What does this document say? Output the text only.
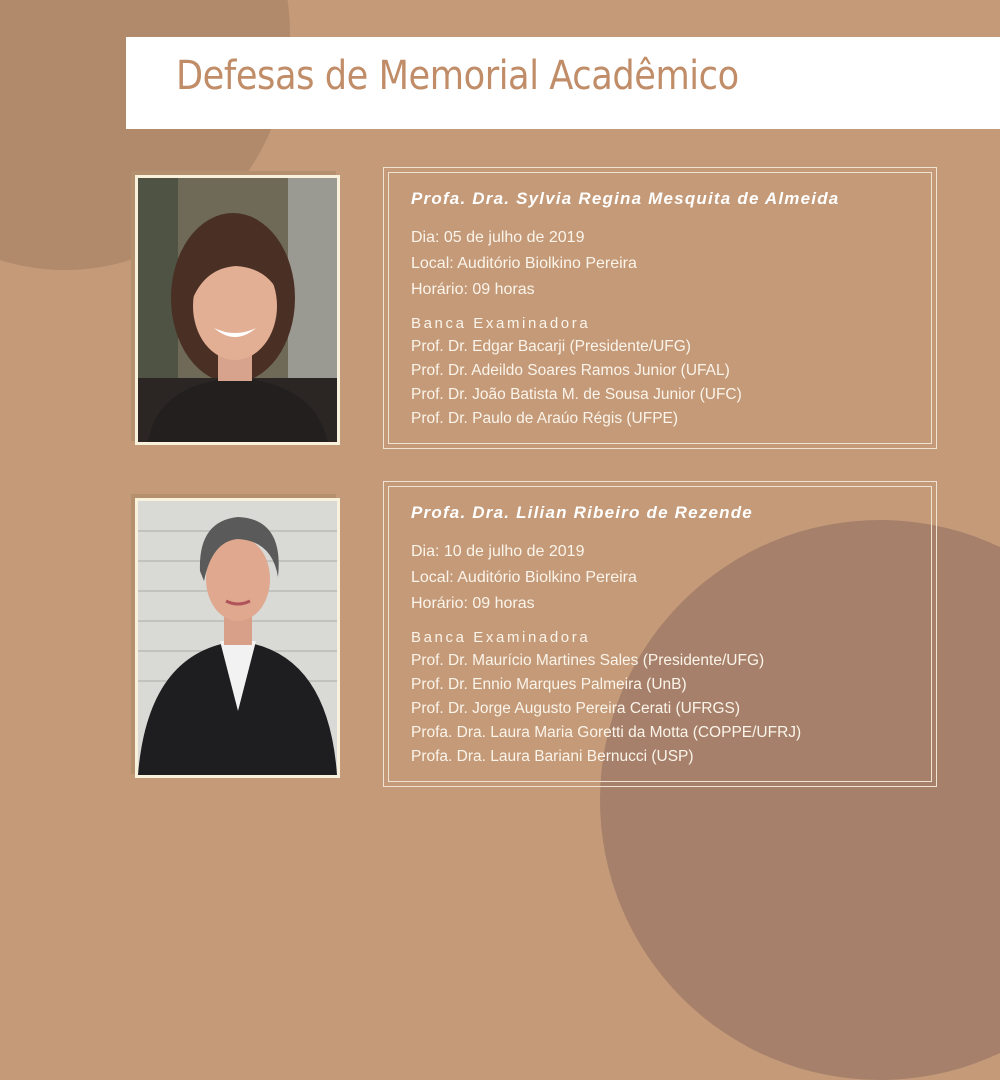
Defesas de Memorial Acadêmico

Profa. Dra. Sylvia Regina Mesquita de Almeida

Dia: 05 de julho de 2019
Local: Auditório Biolkino Pereira
Horário: 09 horas
Banca Examinadora
Prof. Dr. Edgar Bacarji (Presidente/UFG)
Prof. Dr. Adeildo Soares Ramos Junior (UFAL)
Prof. Dr. João Batista M. de Sousa Junior (UFC)
Prof. Dr. Paulo de Araúo Régis (UFPE)

Profa. Dra. Lilian Ribeiro de Rezende

Dia: 10 de julho de 2019
Local: Auditório Biolkino Pereira
Horário: 09 horas
Banca Examinadora
Prof. Dr. Maurício Martines Sales (Presidente/UFG)
Prof. Dr. Ennio Marques Palmeira (UnB)
Prof. Dr. Jorge Augusto Pereira Cerati (UFRGS)
Profa. Dra. Laura Maria Goretti da Motta (COPPE/UFRJ)
Profa. Dra. Laura Bariani Bernucci (USP)
